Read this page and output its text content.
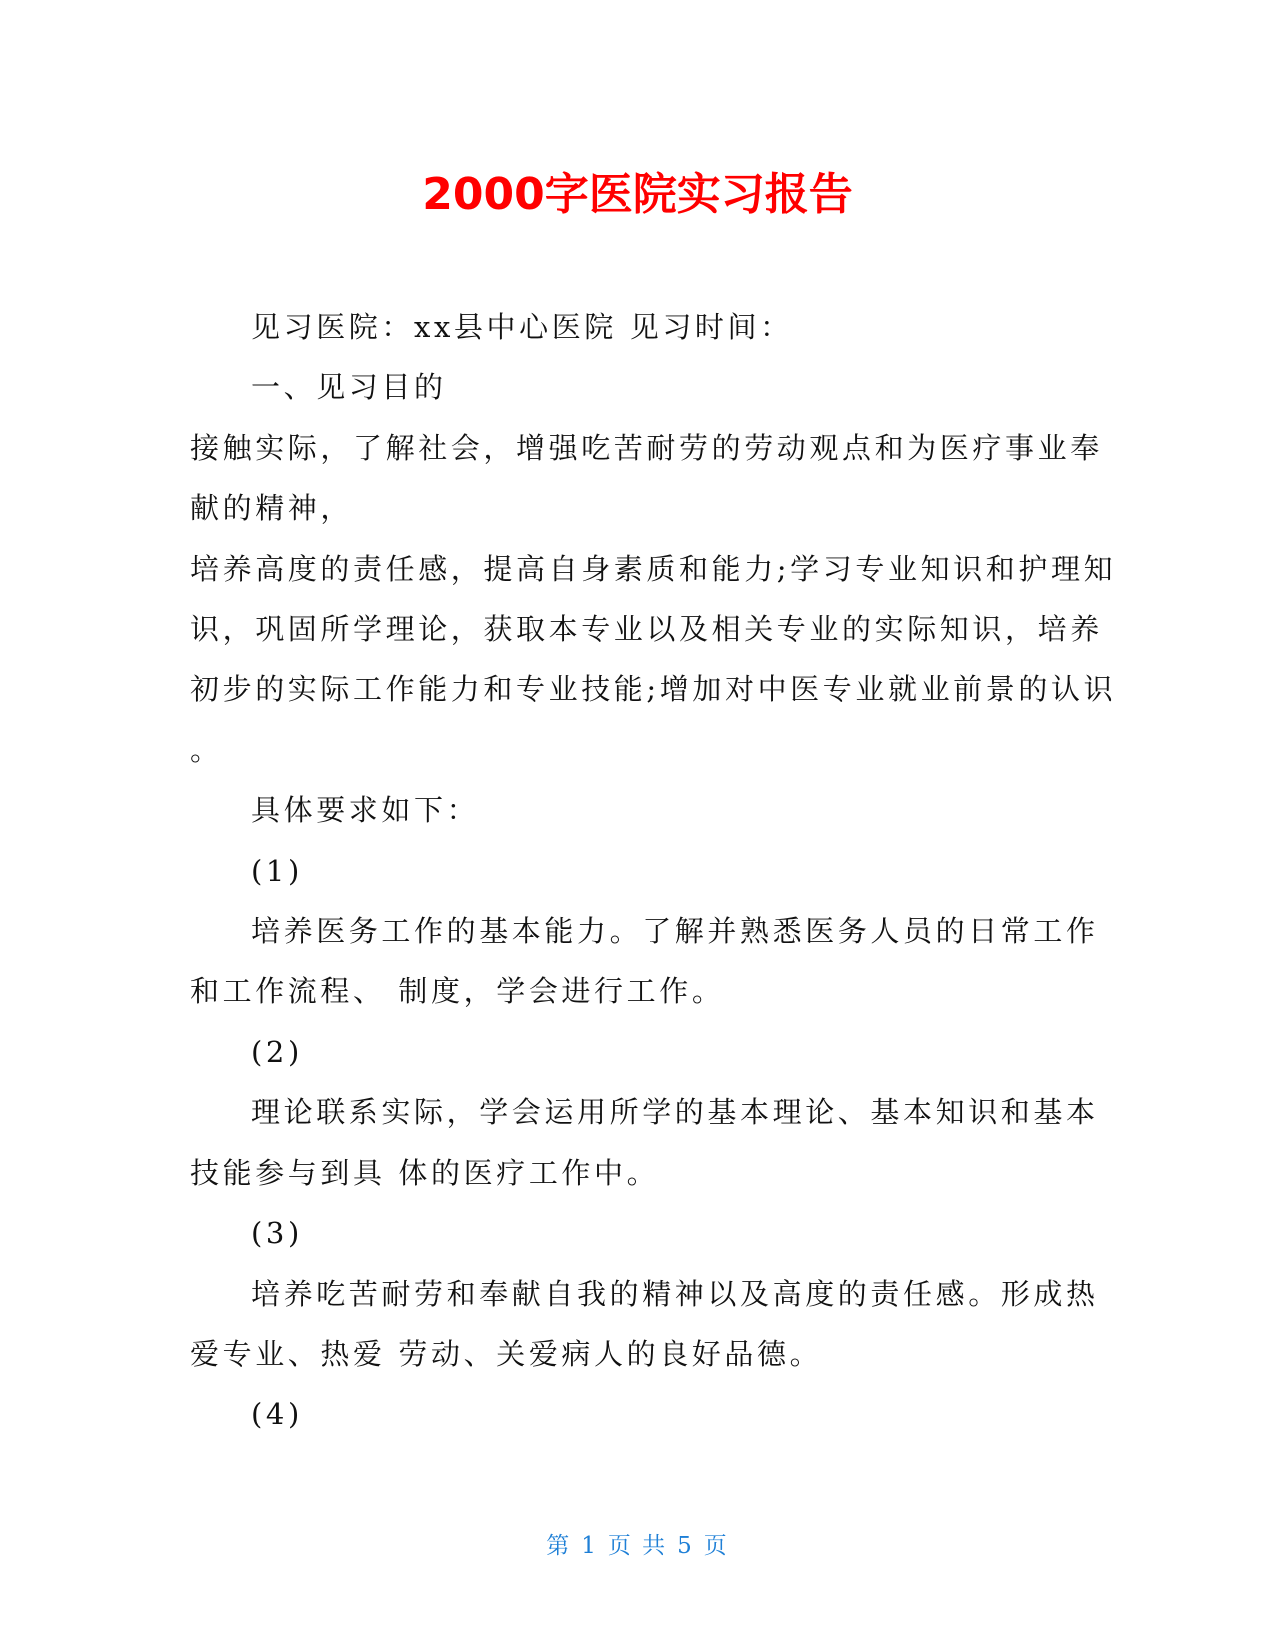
2000字医院实习报告

见习医院：xx县中心医院 见习时间：

一、见习目的

接触实际，了解社会，增强吃苦耐劳的劳动观点和为医疗事业奉

献的精神，

培养高度的责任感，提高自身素质和能力;学习专业知识和护理知

识，巩固所学理论，获取本专业以及相关专业的实际知识，培养

初步的实际工作能力和专业技能;增加对中医专业就业前景的认识

。

具体要求如下：

(1)

培养医务工作的基本能力。了解并熟悉医务人员的日常工作

和工作流程、 制度，学会进行工作。

(2)

理论联系实际，学会运用所学的基本理论、基本知识和基本

技能参与到具 体的医疗工作中。

(3)

培养吃苦耐劳和奉献自我的精神以及高度的责任感。形成热

爱专业、热爱 劳动、关爱病人的良好品德。

(4)

第 1 页 共 5 页
